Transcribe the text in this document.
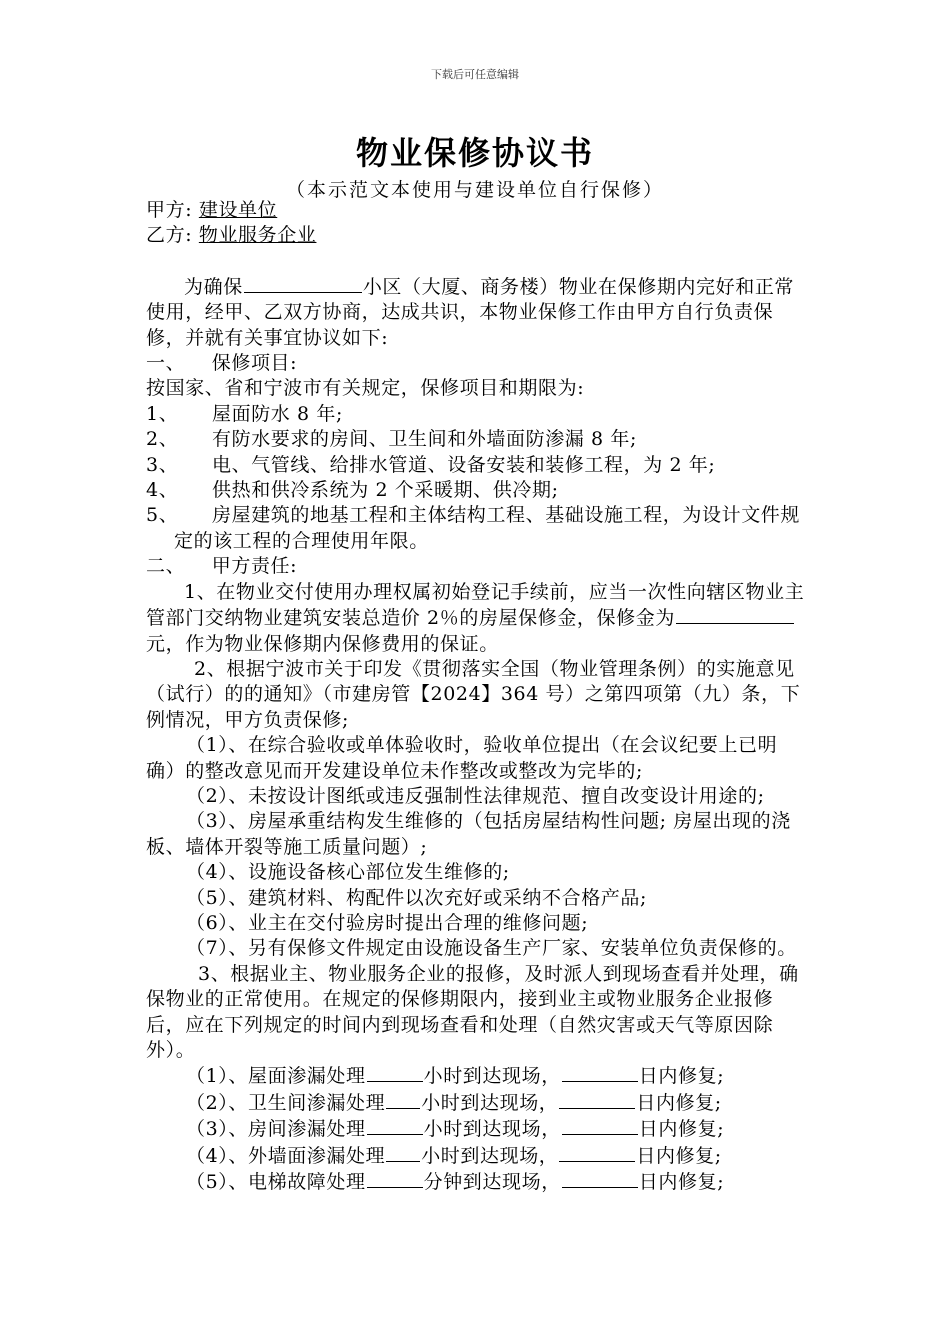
下载后可任意编辑
物业保修协议书
（本示范文本使用与建设单位自行保修）

甲方: 建设单位

乙方: 物业服务企业

为确保	小区（大厦、商务楼）物业在保修期内完好和正常使用，经甲、乙双方协商，达成共识，本物业保修工作由甲方自行负责保修，并就有关事宜协议如下:

一、    保修项目:

按国家、省和宁波市有关规定，保修项目和期限为:

1、 屋面防水 8 年;

2、 有防水要求的房间、卫生间和外墙面防渗漏 8 年;

3、 电、气管线、给排水管道、设备安装和装修工程，为 2 年;

4、 供热和供冷系统为 2 个采暖期、供冷期;

5、 房屋建筑的地基工程和主体结构工程、基础设施工程，为设计文件规定的该工程的合理使用年限。

二、    甲方责任:

1、在物业交付使用办理权属初始登记手续前，应当一次性向辖区物业主管部门交纳物业建筑安装总造价 2％的房屋保修金，保修金为元，作为物业保修期内保修费用的保证。

2、根据宁波市关于印发《贯彻落实全国（物业管理条例）的实施意见（试行）的的通知》（市建房管【2024】364 号）之第四项第（九）条，下例情况，甲方负责保修;

（1）、在综合验收或单体验收时，验收单位提出（在会议纪要上已明确）的整改意见而开发建设单位未作整改或整改为完毕的;

（2）、未按设计图纸或违反强制性法律规范、擅自改变设计用途的;

（3）、房屋承重结构发生维修的（包括房屋结构性问题; 房屋出现的浇板、墙体开裂等施工质量问题）;

（4）、设施设备核心部位发生维修的;

（5）、建筑材料、构配件以次充好或采纳不合格产品;

（6）、业主在交付验房时提出合理的维修问题;

（7）、另有保修文件规定由设施设备生产厂家、安装单位负责保修的。

3、根据业主、物业服务企业的报修，及时派人到现场查看并处理，确保物业的正常使用。在规定的保修期限内，接到业主或物业服务企业报修后，应在下列规定的时间内到现场查看和处理（自然灾害或天气等原因除外）。

（1）、屋面渗漏处理	小时到达现场，	日内修复;

（2）、卫生间渗漏处理 小时到达现场，	日内修复;

（3）、房间渗漏处理	小时到达现场，	日内修复;

（4）、外墙面渗漏处理 小时到达现场，	日内修复;

（5）、电梯故障处理	分钟到达现场，	日内修复;
